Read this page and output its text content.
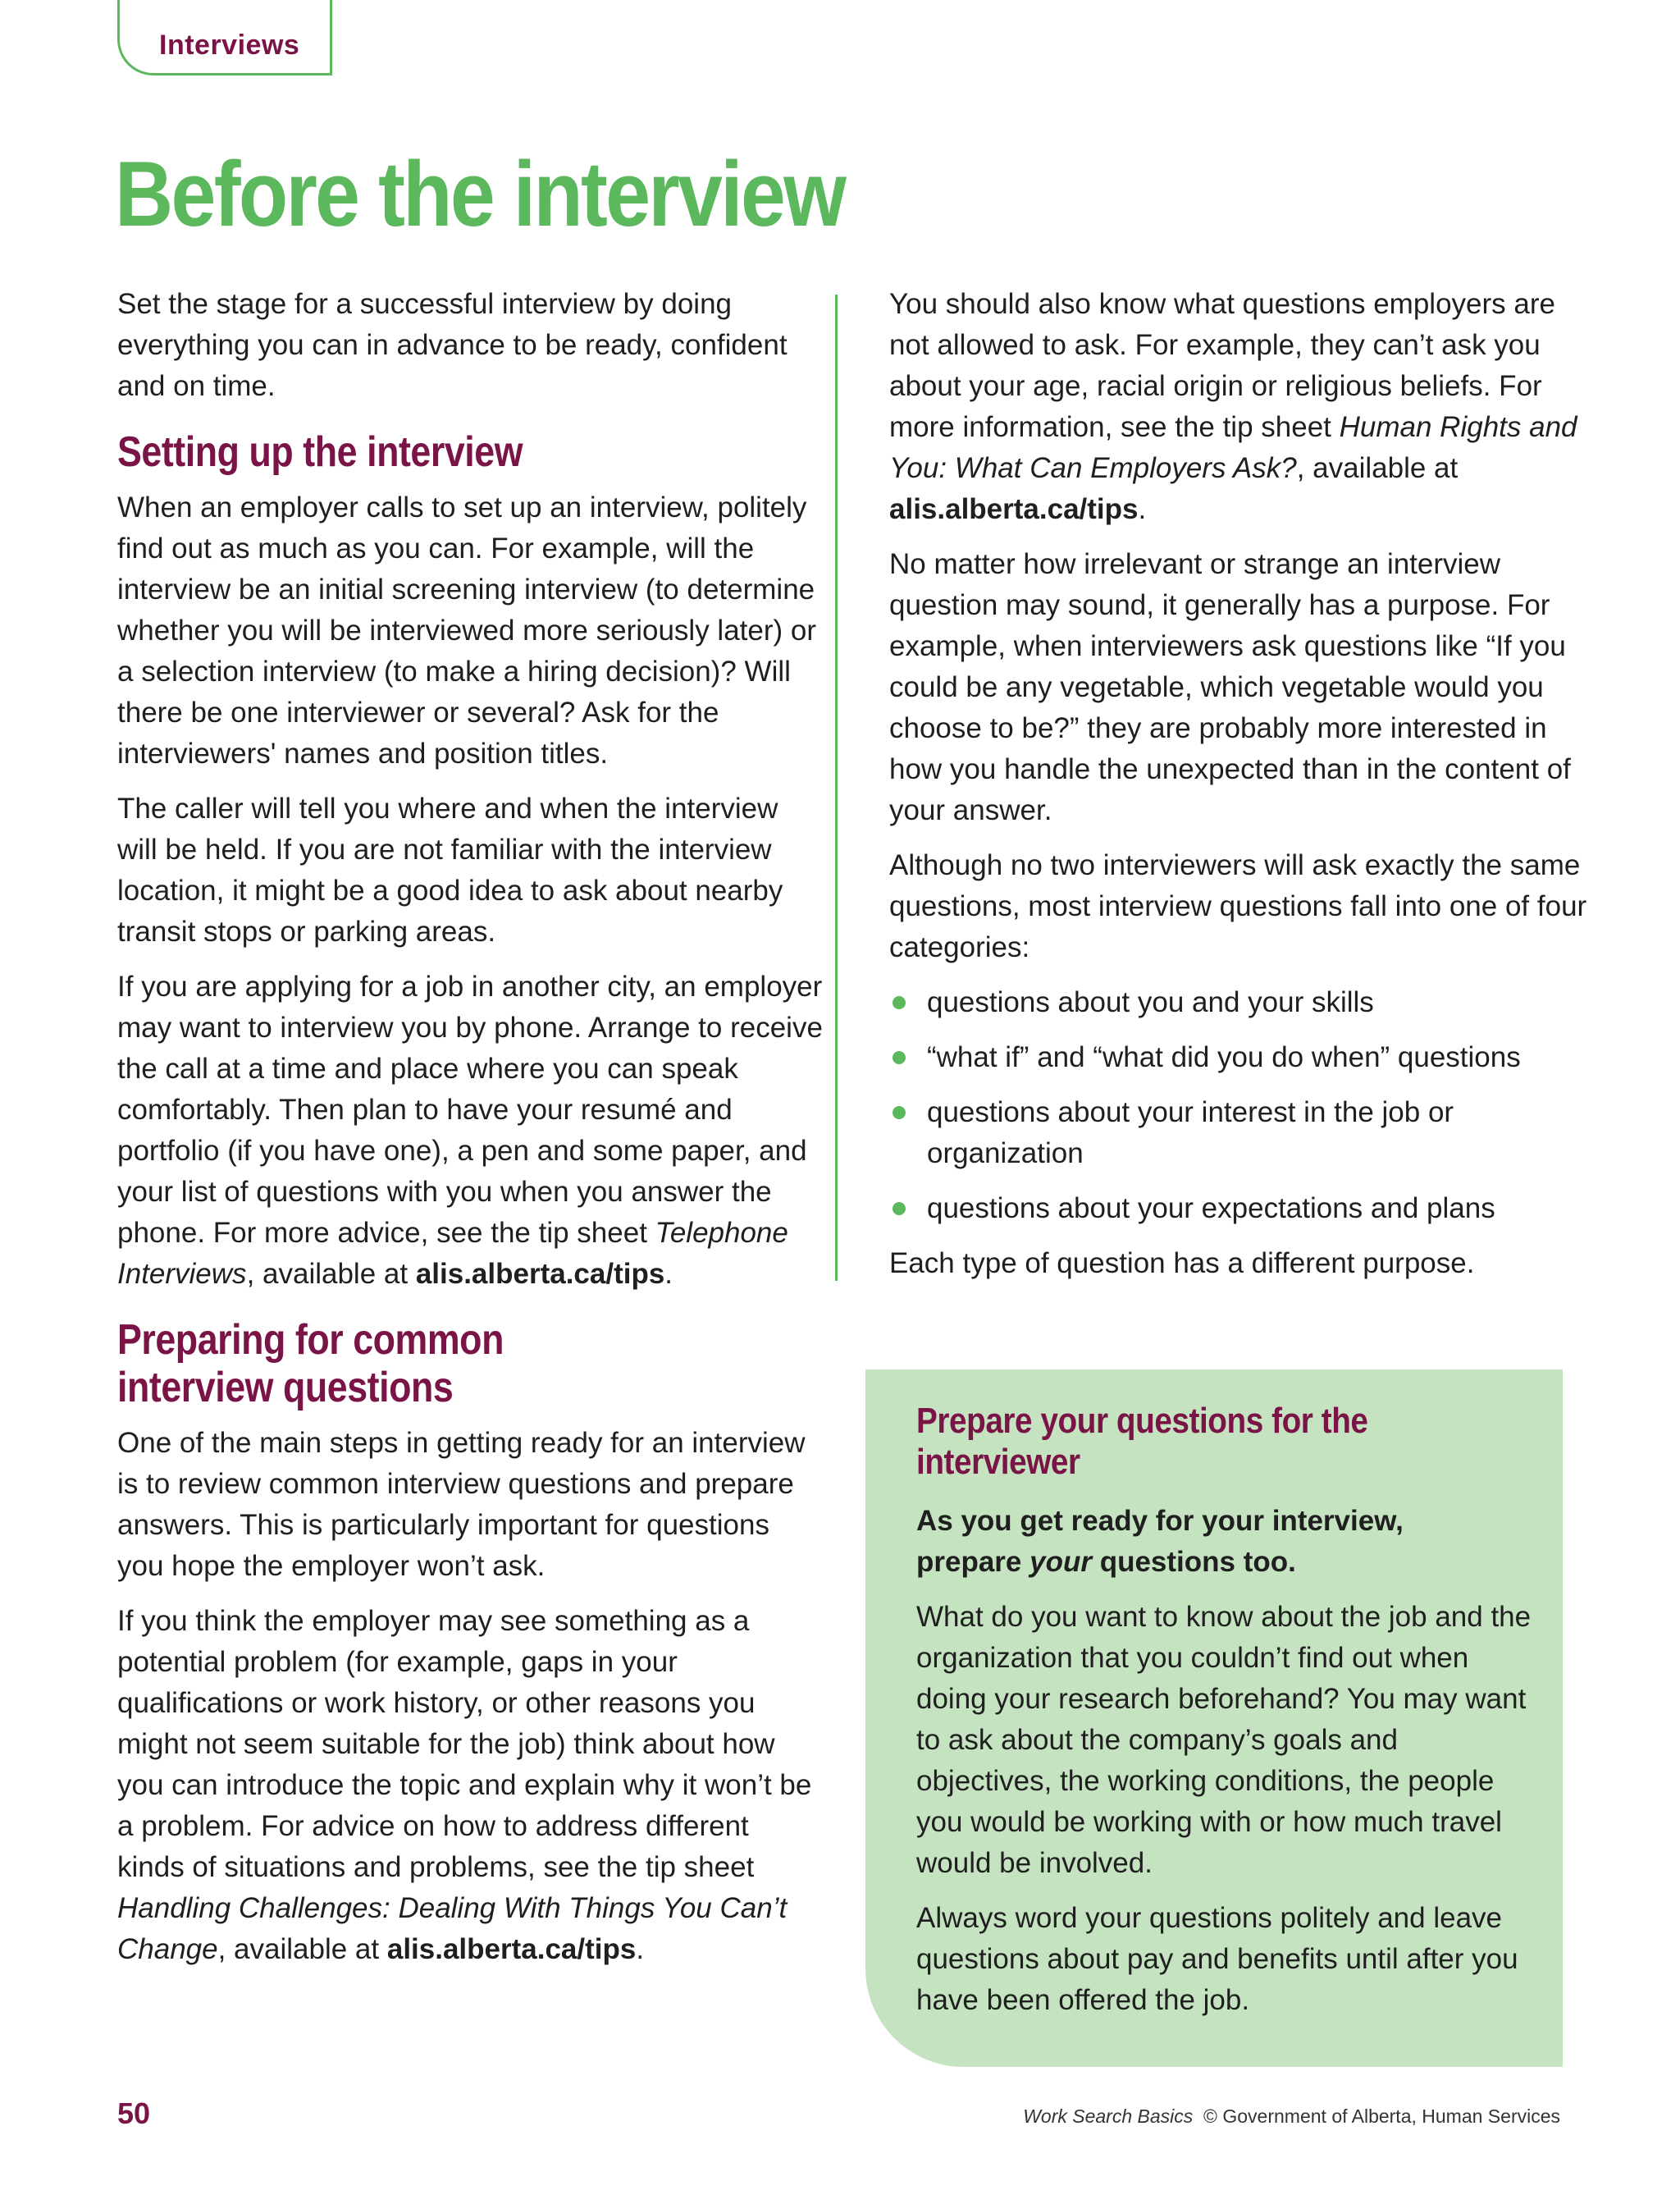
Interviews
Before the interview

Set the stage for a successful interview by doing everything you can in advance to be ready, confident and on time.

Setting up the interview

When an employer calls to set up an interview, politely find out as much as you can. For example, will the interview be an initial screening interview (to determine whether you will be interviewed more seriously later) or a selection interview (to make a hiring decision)? Will there be one interviewer or several? Ask for the interviewers' names and position titles.

The caller will tell you where and when the interview will be held. If you are not familiar with the interview location, it might be a good idea to ask about nearby transit stops or parking areas.

If you are applying for a job in another city, an employer may want to interview you by phone. Arrange to receive the call at a time and place where you can speak comfortably. Then plan to have your resumé and portfolio (if you have one), a pen and some paper, and your list of questions with you when you answer the phone. For more advice, see the tip sheet Telephone Interviews, available at alis.alberta.ca/tips.

Preparing for common
interview questions

One of the main steps in getting ready for an interview is to review common interview questions and prepare answers. This is particularly important for questions you hope the employer won’t ask.

If you think the employer may see something as a potential problem (for example, gaps in your qualifications or work history, or other reasons you might not seem suitable for the job) think about how you can introduce the topic and explain why it won’t be a problem. For advice on how to address different kinds of situations and problems, see the tip sheet Handling Challenges: Dealing With Things You Can’t Change, available at alis.alberta.ca/tips.

You should also know what questions employers are not allowed to ask. For example, they can’t ask you about your age, racial origin or religious beliefs. For more information, see the tip sheet Human Rights and You: What Can Employers Ask?, available at alis.alberta.ca/tips.

No matter how irrelevant or strange an interview question may sound, it generally has a purpose. For example, when interviewers ask questions like “If you could be any vegetable, which vegetable would you choose to be?” they are probably more interested in how you handle the unexpected than in the content of your answer.

Although no two interviewers will ask exactly the same questions, most interview questions fall into one of four categories:

questions about you and your skills
“what if” and “what did you do when” questions
questions about your interest in the job or organization
questions about your expectations and plans

Each type of question has a different purpose.

Prepare your questions for the
interviewer

As you get ready for your interview,
prepare your questions too.

What do you want to know about the job and the organization that you couldn’t find out when doing your research beforehand? You may want to ask about the company’s goals and objectives, the working conditions, the people you would be working with or how much travel would be involved.

Always word your questions politely and leave questions about pay and benefits until after you have been offered the job.

50	Work Search Basics © Government of Alberta, Human Services
